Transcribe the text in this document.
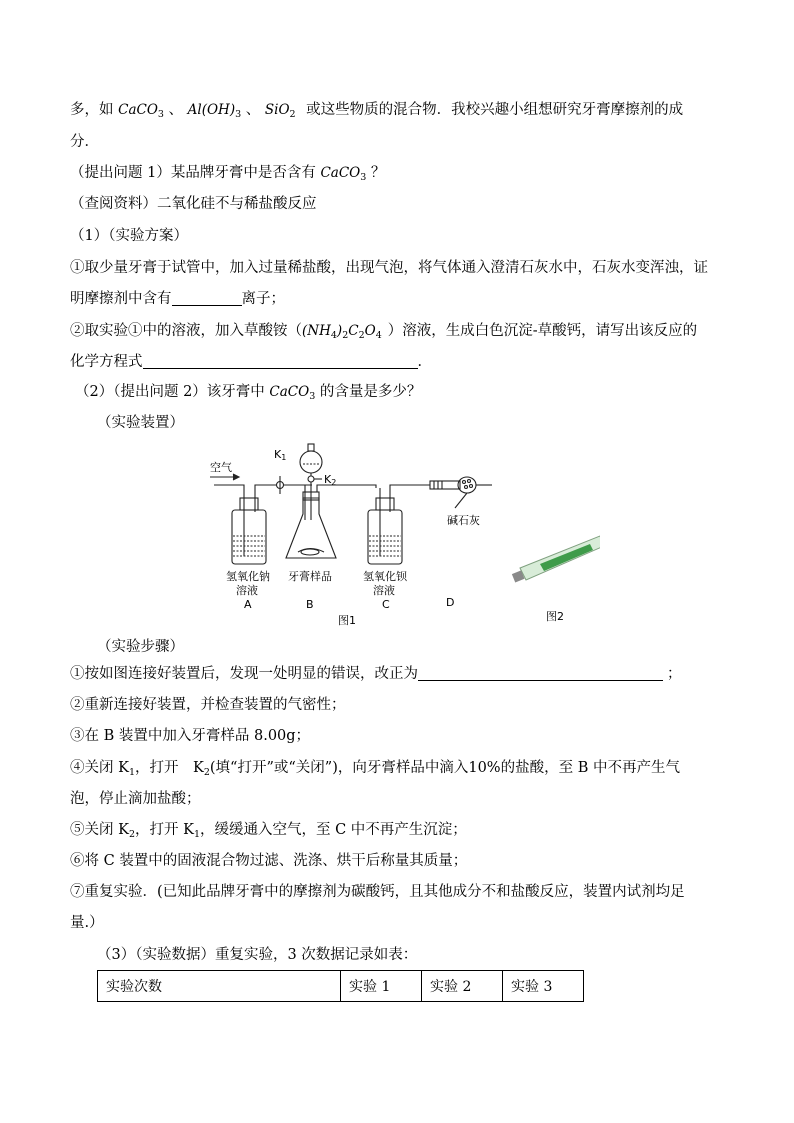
多，如 CaCO$_3$ 、 $Al(OH)_3$ 、 SiO$_2$ 或这些物质的混合物．我校兴趣小组想研究牙膏摩擦剂的成
分．
（提出问题 1）某品牌牙膏中是否含有 CaCO$_3$ ？
（查阅资料）二氧化硅不与稀盐酸反应
（1）（实验方案）
①取少量牙膏于试管中，加入过量稀盐酸，出现气泡，将气体通入澄清石灰水中，石灰水变浑浊，证
明摩擦剂中含有	离子；
②取实验①中的溶液，加入草酸铵（$(NH_4)_2C_2O_4$ ）溶液，生成白色沉淀-草酸钙，请写出该反应的
化学方程式	．
（2）（提出问题 2）该牙膏中 CaCO$_3$ 的含量是多少？
（实验装置）
空气
K1
K2
碱石灰
氢氧化钠
溶液
牙膏样品	氢氧化钡
溶液
A	B	C	D
图1	图2
（实验步骤）
①按如图连接好装置后，发现一处明显的错误，改正为	；
②重新连接好装置，并检查装置的气密性；
③在 B 装置中加入牙膏样品 8.00g；
④关闭 $K_1$，打开　$K_2$(填“打开”或“关闭”)，向牙膏样品中滴入10%的盐酸，至 B 中不再产生气
泡，停止滴加盐酸；
⑤关闭 $K_2$，打开 $K_1$，缓缓通入空气，至 C 中不再产生沉淀；
⑥将 C 装置中的固液混合物过滤、洗涤、烘干后称量其质量；
⑦重复实验．(已知此品牌牙膏中的摩擦剂为碳酸钙，且其他成分不和盐酸反应，装置内试剂均足
量.）
（3）（实验数据）重复实验，3 次数据记录如表：
实验次数	实验 1	实验 2	实验 3
